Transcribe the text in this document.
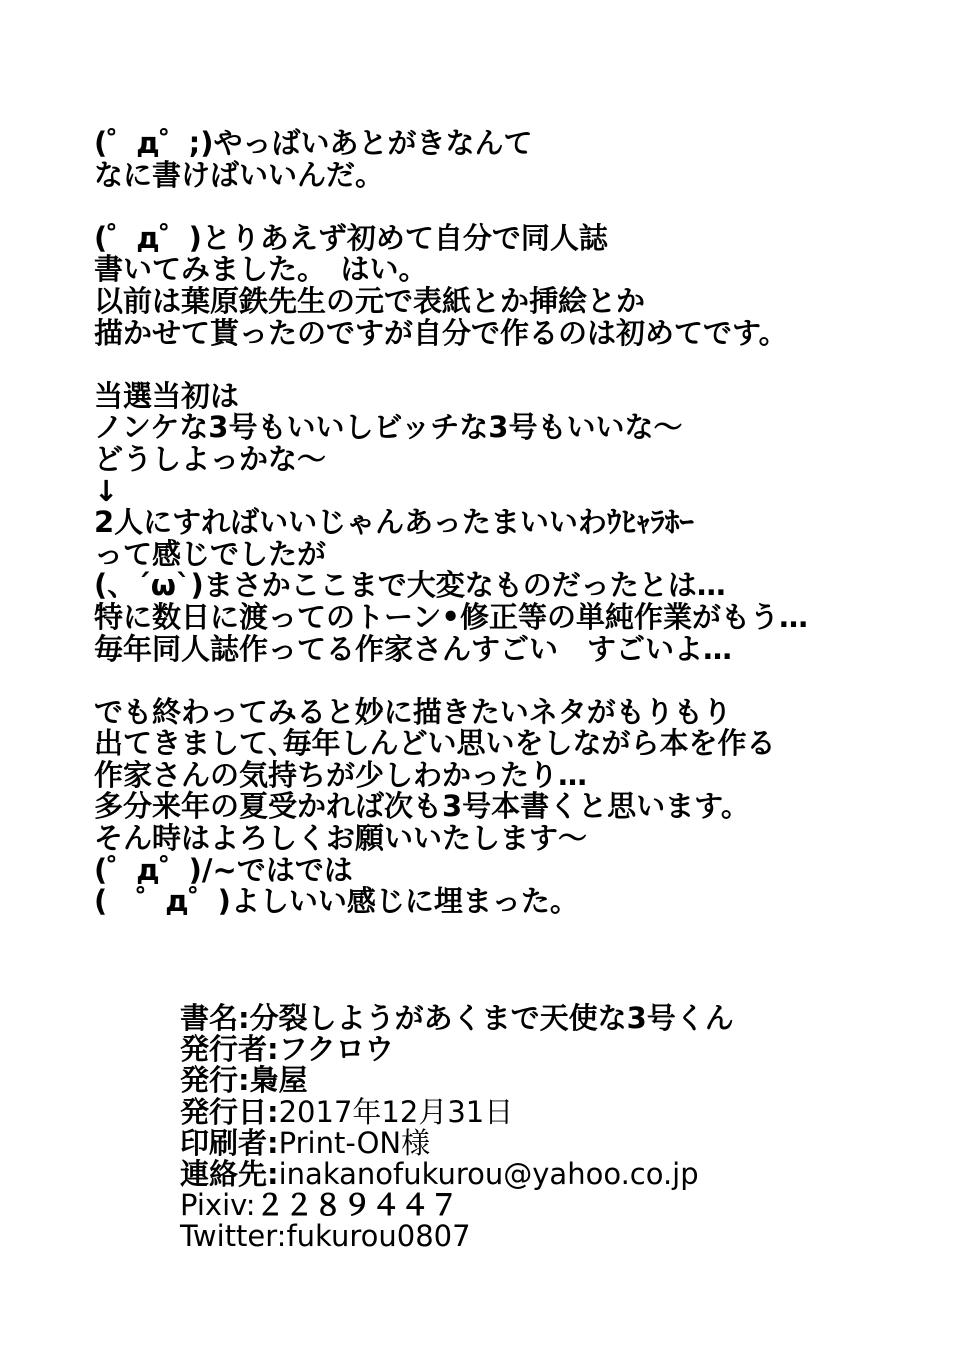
(゜д゜;)やっばいあとがきなんて
なに書けばいいんだ。
(゜д゜)とりあえず初めて自分で同人誌
書いてみました。　はい。
以前は葉原鉄先生の元で表紙とか挿絵とか
描かせて貰ったのですが自分で作るのは初めてです。
当選当初は
ノンケな3号もいいしビッチな3号もいいな〜
どうしよっかな〜
↓
2人にすればいいじゃんあったまいいわｳﾋｬﾗﾎｰ
って感じでしたが
(、´ω`)まさかここまで大変なものだったとは…
特に数日に渡ってのトーン•修正等の単純作業がもう…
毎年同人誌作ってる作家さんすごい　すごいよ…
でも終わってみると妙に描きたいネタがもりもり
出てきまして､毎年しんどい思いをしながら本を作る
作家さんの気持ちが少しわかったり…
多分来年の夏受かれば次も3号本書くと思います。
そん時はよろしくお願いいたします〜
(゜д゜)/~ではでは
(　゜д゜)よしいい感じに埋まった。
書名:分裂しようがあくまで天使な3号くん
発行者:フクロウ
発行:梟屋
発行日:2017年12月31日
印刷者:Print-ON様
連絡先:inakanofukurou@yahoo.co.jp
Pixiv:２２８９４４７
Twitter:fukurou0807
